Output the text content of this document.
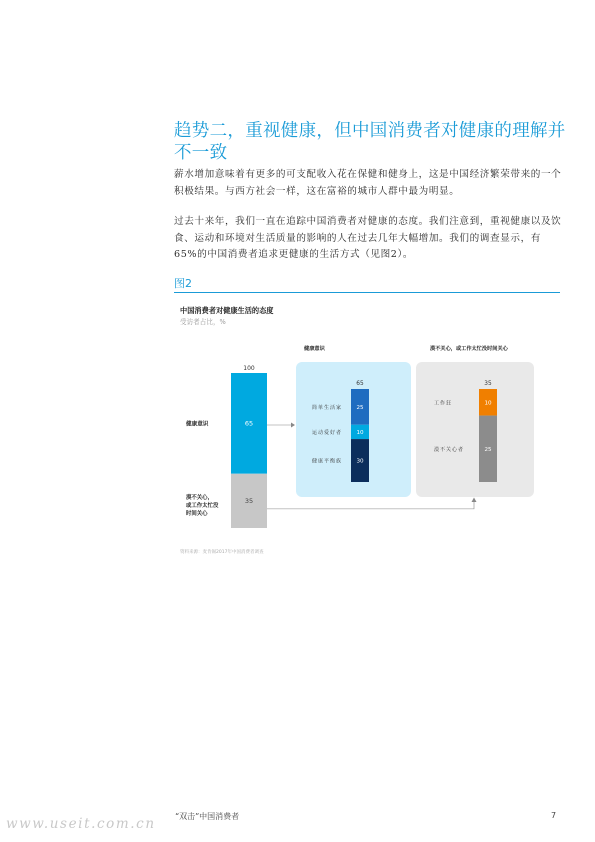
趋势二，重视健康，但中国消费者对健康的理解并不一致
薪水增加意味着有更多的可支配收入花在保健和健身上，这是中国经济繁荣带来的一个积极结果。与西方社会一样，这在富裕的城市人群中最为明显。
过去十来年，我们一直在追踪中国消费者对健康的态度。我们注意到，重视健康以及饮食、运动和环境对生活质量的影响的人在过去几年大幅增加。我们的调查显示，有65%的中国消费者追求更健康的生活方式（见图2）。
图2
中国消费者对健康生活的态度
受访者占比，%
100
65
35
健康意识
漠不关心，
或工作太忙没
时间关心
健康意识
65
25
简单生活家
10
运动爱好者
30
健康平衡族
漠不关心，或工作太忙没时间关心
35
10
工作狂
25
漠不关心者
资料来源：麦肯锡2017年中国消费者调查
“双击”中国消费者	7
www.useit.com.cn
